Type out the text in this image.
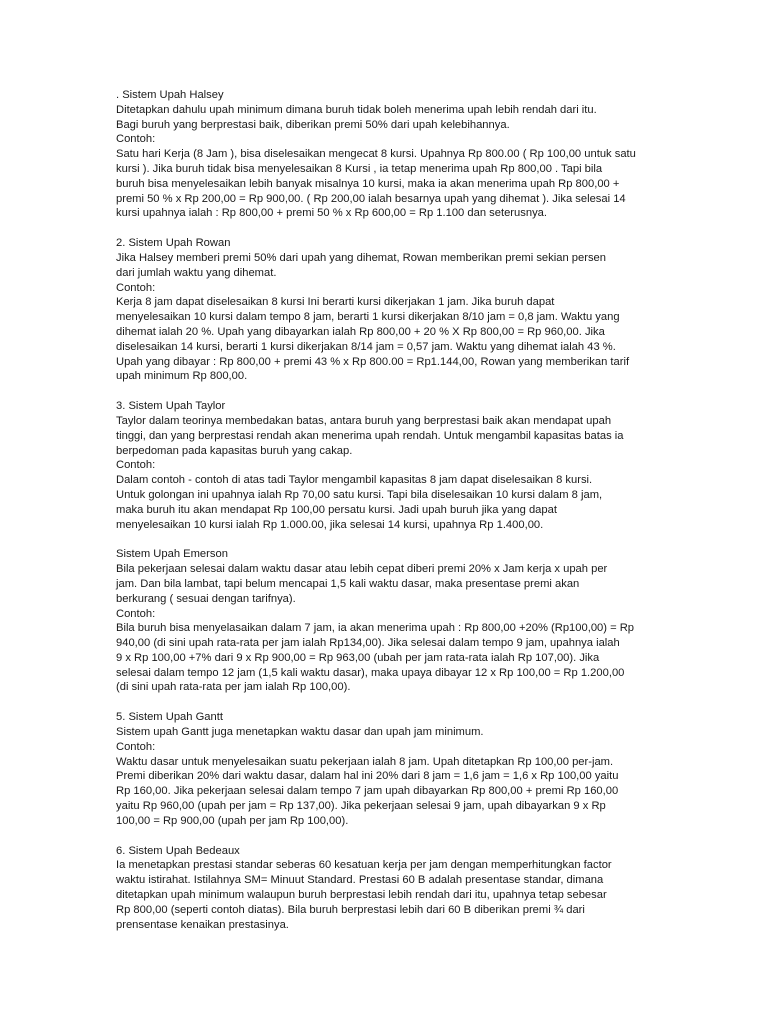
. Sistem Upah Halsey
Ditetapkan dahulu upah minimum dimana buruh tidak boleh menerima upah lebih rendah dari itu.
Bagi buruh yang berprestasi baik, diberikan premi 50% dari upah kelebihannya.
Contoh:
Satu hari Kerja (8 Jam ), bisa diselesaikan mengecat 8 kursi. Upahnya Rp 800.00 ( Rp 100,00 untuk satu
kursi ). Jika buruh tidak bisa menyelesaikan 8 Kursi , ia tetap menerima upah Rp 800,00 . Tapi bila
buruh bisa menyelesaikan lebih banyak misalnya 10 kursi, maka ia akan menerima upah Rp 800,00 +
premi 50 % x Rp 200,00 = Rp 900,00. ( Rp 200,00 ialah besarnya upah yang dihemat ). Jika selesai 14
kursi upahnya ialah : Rp 800,00 + premi 50 % x Rp 600,00 = Rp 1.100 dan seterusnya.
2. Sistem Upah Rowan
Jika Halsey memberi premi 50% dari upah yang dihemat, Rowan memberikan premi sekian persen
dari jumlah waktu yang dihemat.
Contoh:
Kerja 8 jam dapat diselesaikan 8 kursi Ini berarti kursi dikerjakan 1 jam. Jika buruh dapat
menyelesaikan 10 kursi dalam tempo 8 jam, berarti 1 kursi dikerjakan 8/10 jam = 0,8 jam. Waktu yang
dihemat ialah 20 %. Upah yang dibayarkan ialah Rp 800,00 + 20 % X Rp 800,00 = Rp 960,00. Jika
diselesaikan 14 kursi, berarti 1 kursi dikerjakan 8/14 jam = 0,57 jam. Waktu yang dihemat ialah 43 %.
Upah yang dibayar : Rp 800,00 + premi 43 % x Rp 800.00 = Rp1.144,00, Rowan yang memberikan tarif
upah minimum Rp 800,00.
3. Sistem Upah Taylor
Taylor dalam teorinya membedakan batas, antara buruh yang berprestasi baik akan mendapat upah
tinggi, dan yang berprestasi rendah akan menerima upah rendah. Untuk mengambil kapasitas batas ia
berpedoman pada kapasitas buruh yang cakap.
Contoh:
Dalam contoh - contoh di atas tadi Taylor mengambil kapasitas 8 jam dapat diselesaikan 8 kursi.
Untuk golongan ini upahnya ialah Rp 70,00 satu kursi. Tapi bila diselesaikan 10 kursi dalam 8 jam,
maka buruh itu akan mendapat Rp 100,00 persatu kursi. Jadi upah buruh jika yang dapat
menyelesaikan 10 kursi ialah Rp 1.000.00, jika selesai 14 kursi, upahnya Rp 1.400,00.
Sistem Upah Emerson
Bila pekerjaan selesai dalam waktu dasar atau lebih cepat diberi premi 20% x Jam kerja x upah per
jam. Dan bila lambat, tapi belum mencapai 1,5 kali waktu dasar, maka presentase premi akan
berkurang ( sesuai dengan tarifnya).
Contoh:
Bila buruh bisa menyelasaikan dalam 7 jam, ia akan menerima upah : Rp 800,00 +20% (Rp100,00) = Rp
940,00 (di sini upah rata-rata per jam ialah Rp134,00). Jika selesai dalam tempo 9 jam, upahnya ialah
9 x Rp 100,00 +7% dari 9 x Rp 900,00 = Rp 963,00 (ubah per jam rata-rata ialah Rp 107,00). Jika
selesai dalam tempo 12 jam (1,5 kali waktu dasar), maka upaya dibayar 12 x Rp 100,00 = Rp 1.200,00
(di sini upah rata-rata per jam ialah Rp 100,00).
5. Sistem Upah Gantt
Sistem upah Gantt juga menetapkan waktu dasar dan upah jam minimum.
Contoh:
Waktu dasar untuk menyelesaikan suatu pekerjaan ialah 8 jam. Upah ditetapkan Rp 100,00 per-jam.
Premi diberikan 20% dari waktu dasar, dalam hal ini 20% dari 8 jam = 1,6 jam = 1,6 x Rp 100,00 yaitu
Rp 160,00. Jika pekerjaan selesai dalam tempo 7 jam upah dibayarkan Rp 800,00 + premi Rp 160,00
yaitu Rp 960,00 (upah per jam = Rp 137,00). Jika pekerjaan selesai 9 jam, upah dibayarkan 9 x Rp
100,00 = Rp 900,00 (upah per jam Rp 100,00).
6. Sistem Upah Bedeaux
Ia menetapkan prestasi standar seberas 60 kesatuan kerja per jam dengan memperhitungkan factor
waktu istirahat. Istilahnya SM= Minuut Standard. Prestasi 60 B adalah presentase standar, dimana
ditetapkan upah minimum walaupun buruh berprestasi lebih rendah dari itu, upahnya tetap sebesar
Rp 800,00 (seperti contoh diatas). Bila buruh berprestasi lebih dari 60 B diberikan premi ¾ dari
prensentase kenaikan prestasinya.
